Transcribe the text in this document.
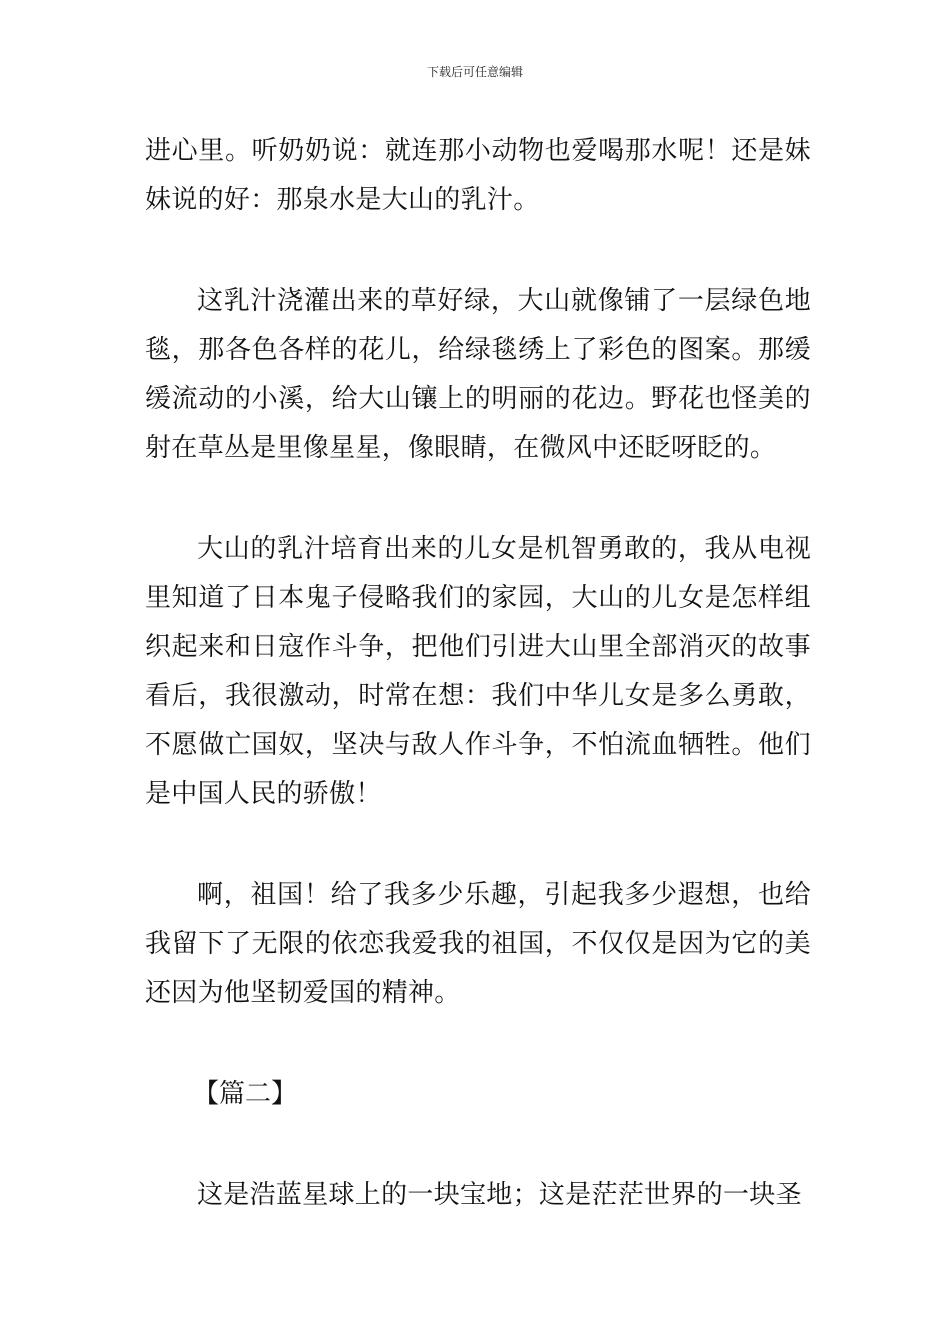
下载后可任意编辑

进心里。听奶奶说：就连那小动物也爱喝那水呢！还是妹妹说的好：那泉水是大山的乳汁。

这乳汁浇灌出来的草好绿，大山就像铺了一层绿色地毯，那各色各样的花儿，给绿毯绣上了彩色的图案。那缓缓流动的小溪，给大山镶上的明丽的花边。野花也怪美的射在草丛是里像星星，像眼睛，在微风中还眨呀眨的。

大山的乳汁培育出来的儿女是机智勇敢的，我从电视里知道了日本鬼子侵略我们的家园，大山的儿女是怎样组织起来和日寇作斗争，把他们引进大山里全部消灭的故事看后，我很激动，时常在想：我们中华儿女是多么勇敢，不愿做亡国奴，坚决与敌人作斗争，不怕流血牺牲。他们是中国人民的骄傲！

啊，祖国！给了我多少乐趣，引起我多少遐想，也给我留下了无限的依恋我爱我的祖国，不仅仅是因为它的美还因为他坚韧爱国的精神。

【篇二】

这是浩蓝星球上的一块宝地；这是茫茫世界的一块圣
